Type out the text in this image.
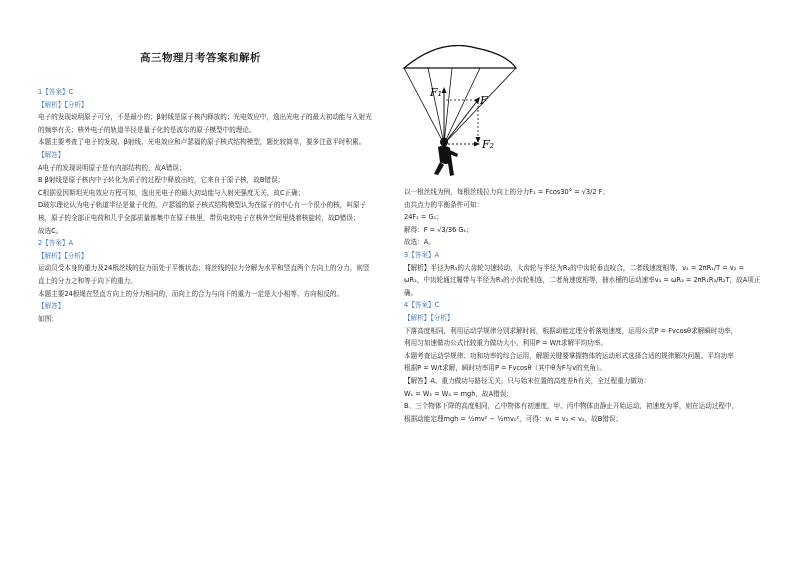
高三物理月考答案和解析
1【答案】C
【解析】【分析】
电子的发现说明原子可分，不是最小的；β射线是原子核内释放的；光电效应中，逸出光电子的最大初动能与入射光
的频率有关；核外电子的轨道半径是量子化的是波尔的原子模型中的理论。
本题主要考查了电子的发现、β射线、光电效应和卢瑟福的原子核式结构模型，题比较简单，要多注意平时积累。
【解答】
A电子的发现说明原子是有内部结构的，故A错误；
B β射线是原子核内中子转化为质子的过程中释放出的，它来自于原子核，故B错误；
C根据爱因斯坦光电效应方程可知，逸出光电子的最大初动能与入射光强度无关，故C正确；
D玻尔理论认为电子轨道半径是量子化的，卢瑟福的原子核式结构模型认为在原子的中心有一个很小的核，叫原子
核，原子的全部正电荷和几乎全部质量都集中在原子核里，带负电的电子在核外空间里绕着核旋转，故D错误；
故选C。
2【答案】A
【解析】【分析】
运动员受本身的重力及24根丝线的拉力而处于平衡状态；将丝线的拉力分解为水平和竖直两个方向上的分力，则竖
直上的分力之和等于向下的重力。
本题主要24根绳在竖直方向上的分力相同的，而向上的合力与向下的重力一定是大小相等、方向相反的。
【解答】
如图：
F₁
F
F₂
以一根丝线为例，每根丝线拉力向上的分力F₁ = Fcos30° = √3/2 F；
由共点力的平衡条件可知：
24F₁ = G₁；
解得：F = √3/36 G₁；
故选：A。
3【答案】A
【解析】半径为R₁的大齿轮匀速转动，大齿轮与半径为R₂的中齿轮垂直咬合，二者线速度相等，v₁ = 2πR₁/T = v₂ =
ωR₂，中齿轮通过履带与半径为R₃的小齿轮相连，二者角速度相等，抽水桶的运动速率v₃ = ωR₃ = 2πR₁R₃/R₂T，故A项正
确。
4【答案】C
【解析】【分析】
下落高度相同，利用运动学规律分别求解时间，根据动能定理分析落地速度，运用公式P = Fvcosθ求解瞬时功率，
利用匀加速做功公式比较重力做功大小，利用P = W/t求解平均功率。
本题考查运动学规律、功和功率的综合运用，解题关键要掌握物体的运动形式选择合适的规律解决问题。平均功率
根据P = W/t求解，瞬时功率用P = Fvcosθ（其中θ为F与v的夹角）。
【解答】A、重力做功与路径无关，只与始末位置的高度差h有关，全过程重力做功：
W₁ = W₂ = W₃ = mgh，故A错误；
B、三个物体下降的高度相同，乙中物体有初速度，甲、丙中物体由静止开始运动，初速度为零，则在运动过程中，
根据动能定理mgh = ½mv² − ½mv₀²，可得：v₁ = v₃ < v₂，故B错误；
